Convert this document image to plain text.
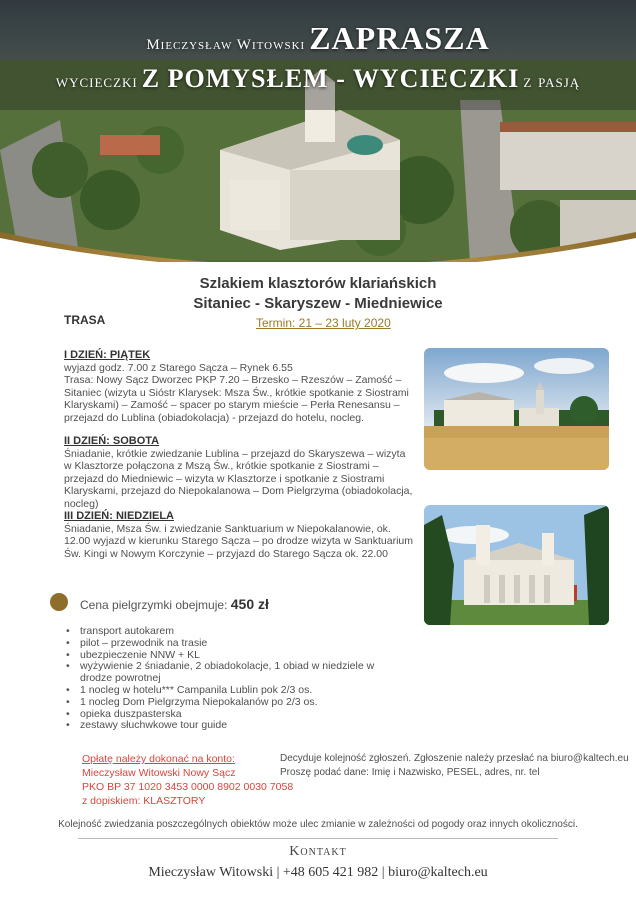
Mieczysław Witowski ZAPRASZA
wycieczki Z POMYSŁEM - WYCIECZKI z pasją
Szlakiem klasztorów klariańskich
Sitaniec - Skaryszew - Miedniewice
TRASA	Termin: 21 – 23 luty 2020
I DZIEŃ: PIĄTEK
wyjazd godz. 7.00 z Starego Sącza – Rynek 6.55
Trasa: Nowy Sącz Dworzec PKP 7.20 – Brzesko – Rzeszów – Zamość – Sitaniec (wizyta u Sióstr Klarysek: Msza Św., krótkie spotkanie z Siostrami Klaryskami) – Zamość – spacer po starym mieście – Perła Renesansu – przejazd do Lublina (obiadokolacja) - przejazd do hotelu, nocleg.
II DZIEŃ: SOBOTA
Śniadanie, krótkie zwiedzanie Lublina – przejazd do Skaryszewa – wizyta w Klasztorze połączona z Mszą Św., krótkie spotkanie z Siostrami – przejazd do Miedniewic – wizyta w Klasztorze i spotkanie z Siostrami Klaryskami, przejazd do Niepokalanowa – Dom Pielgrzyma (obiadokolacja, nocleg)
III DZIEŃ: NIEDZIELA
Śniadanie, Msza Św. i zwiedzanie Sanktuarium w Niepokalanowie, ok. 12.00 wyjazd w kierunku Starego Sącza – po drodze wizyta w Sanktuarium Św. Kingi w Nowym Korczynie – przyjazd do Starego Sącza ok. 22.00
Cena pielgrzymki obejmuje: 450 zł
• transport autokarem
• pilot – przewodnik na trasie
• ubezpieczenie NNW + KL
• wyżywienie 2 śniadanie, 2 obiadokolacje, 1 obiad w niedziele w drodze powrotnej
• 1 nocleg w hotelu*** Campanila Lublin pok 2/3 os.
• 1 nocleg Dom Pielgrzyma Niepokalanów po 2/3 os.
• opieka duszpasterska
• zestawy słuchwkowe tour guide
Opłatę należy dokonać na konto:
Mieczysław Witowski Nowy Sącz
PKO BP 37 1020 3453 0000 8902 0030 7058
z dopiskiem: KLASZTORY
Decyduje kolejność zgłoszeń. Zgłoszenie należy przesłać na biuro@kaltech.eu
Proszę podać dane: Imię i Nazwisko, PESEL, adres, nr. tel
Kolejność zwiedzania poszczególnych obiektów może ulec zmianie w zależności od pogody oraz innych okoliczności.
Kontakt
Mieczysław Witowski | +48 605 421 982 | biuro@kaltech.eu
